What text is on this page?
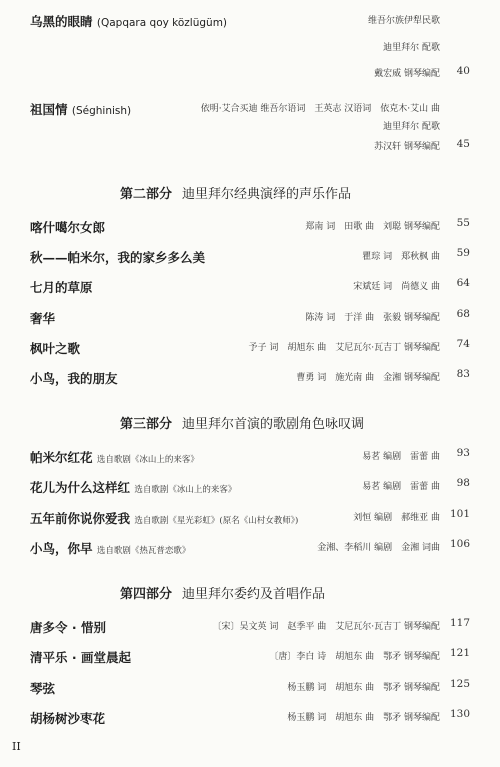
乌黑的眼睛 (Qapqara qoy közlügüm)	维吾尔族伊犁民歌
迪里拜尔 配歌
戴宏威 钢琴编配 40
祖国情 (Séghinish)	依明·艾合买迪 维吾尔语词　王英志 汉语词　依克木·艾山 曲
迪里拜尔 配歌
苏汉轩 钢琴编配 45
第二部分 迪里拜尔经典演绎的声乐作品
喀什噶尔女郎	郑南 词　田歌 曲　刘聪 钢琴编配 55
秋——帕米尔，我的家乡多么美	瞿琮 词　郑秋枫 曲 59
七月的草原	宋斌廷 词　尚德义 曲 64
奢华	陈涛 词　于洋 曲　张毅 钢琴编配 68
枫叶之歌	予子 词　胡旭东 曲　艾尼瓦尔·瓦吉丁 钢琴编配 74
小鸟，我的朋友	曹勇 词　施光南 曲　金湘 钢琴编配 83
第三部分 迪里拜尔首演的歌剧角色咏叹调
帕米尔红花 选自歌剧《冰山上的来客》	易茗 编剧　雷蕾 曲 93
花儿为什么这样红 选自歌剧《冰山上的来客》	易茗 编剧　雷蕾 曲 98
五年前你说你爱我 选自歌剧《星光彩虹》(原名《山村女教师》)	刘恒 编剧　郝维亚 曲 101
小鸟，你早 选自歌剧《热瓦普恋歌》	金湘、李稻川 编剧　金湘 词曲 106
第四部分 迪里拜尔委约及首唱作品
唐多令 · 惜别	〔宋〕吴文英 词　赵季平 曲　艾尼瓦尔·瓦吉丁 钢琴编配 117
清平乐 · 画堂晨起	〔唐〕李白 诗　胡旭东 曲　鄂矛 钢琴编配 121
琴弦	杨玉鹏 词　胡旭东 曲　鄂矛 钢琴编配 125
胡杨树沙枣花	杨玉鹏 词　胡旭东 曲　鄂矛 钢琴编配 130
II
